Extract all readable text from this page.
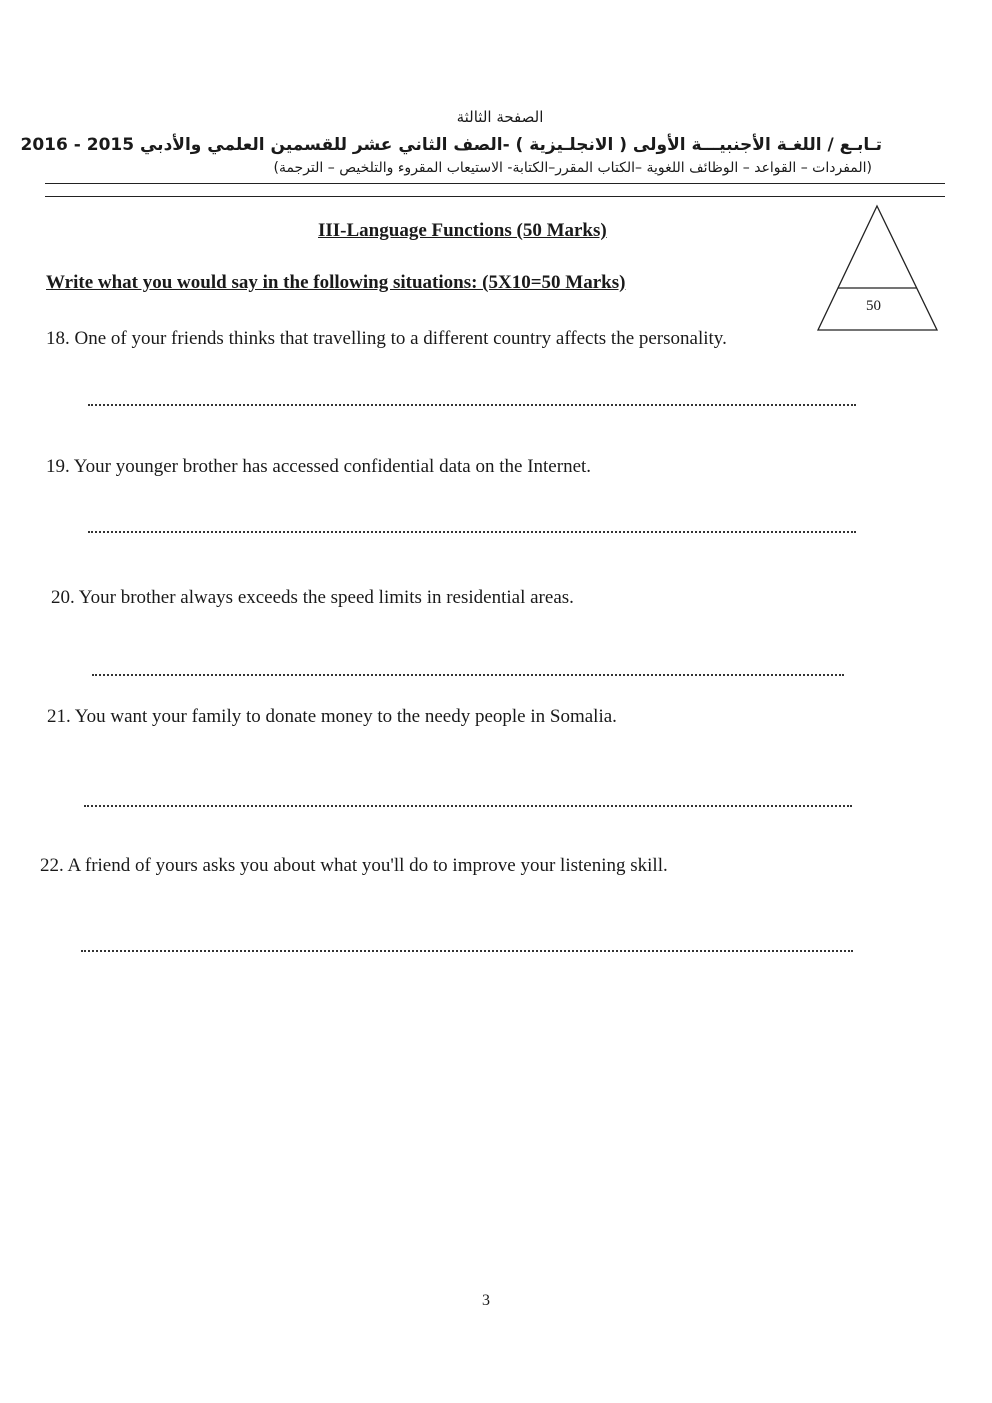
الصفحة الثالثة
تـابـع / اللغـة الأجنبيـــة الأولى ( الانجلـيزية ) -الصف الثاني عشر للقسمين العلمي والأدبي 2015 - 2016
(المفردات – القواعد – الوظائف اللغوية –الكتاب المقرر–الكتابة- الاستيعاب المقروء والتلخيص – الترجمة)
III-Language Functions (50 Marks)
Write what you would say in the following situations: (5X10=50 Marks)
50
18. One of your friends thinks that travelling to a different country affects the personality.
19. Your younger brother has accessed confidential data on the Internet.
20. Your brother always exceeds the speed limits in residential areas.
21. You want your family to donate money to the needy people in Somalia.
22. A friend of yours asks you about what you'll do to improve your listening skill.
3
